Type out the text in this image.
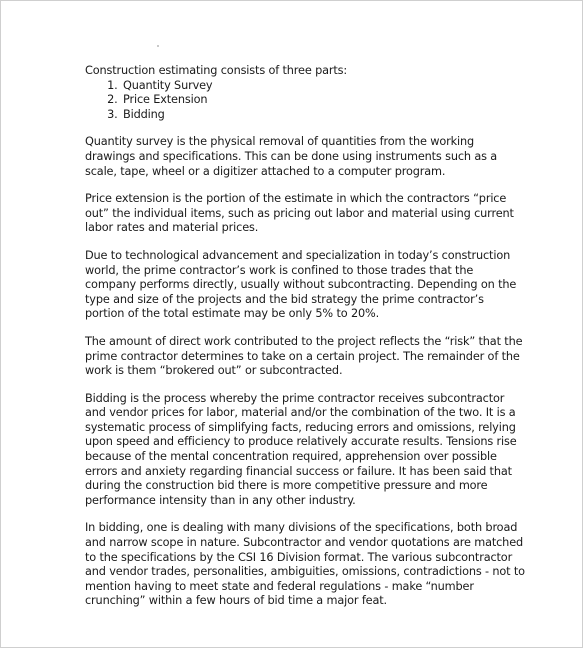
Construction estimating consists of three parts:
1. Quantity Survey
2. Price Extension
3. Bidding

Quantity survey is the physical removal of quantities from the working drawings and specifications. This can be done using instruments such as a scale, tape, wheel or a digitizer attached to a computer program.

Price extension is the portion of the estimate in which the contractors “price out” the individual items, such as pricing out labor and material using current labor rates and material prices.

Due to technological advancement and specialization in today’s construction world, the prime contractor’s work is confined to those trades that the company performs directly, usually without subcontracting. Depending on the type and size of the projects and the bid strategy the prime contractor’s portion of the total estimate may be only 5% to 20%.

The amount of direct work contributed to the project reflects the “risk” that the prime contractor determines to take on a certain project. The remainder of the work is them “brokered out” or subcontracted.

Bidding is the process whereby the prime contractor receives subcontractor and vendor prices for labor, material and/or the combination of the two. It is a systematic process of simplifying facts, reducing errors and omissions, relying upon speed and efficiency to produce relatively accurate results. Tensions rise because of the mental concentration required, apprehension over possible errors and anxiety regarding financial success or failure. It has been said that during the construction bid there is more competitive pressure and more performance intensity than in any other industry.

In bidding, one is dealing with many divisions of the specifications, both broad and narrow scope in nature. Subcontractor and vendor quotations are matched to the specifications by the CSI 16 Division format. The various subcontractor and vendor trades, personalities, ambiguities, omissions, contradictions - not to mention having to meet state and federal regulations - make “number crunching” within a few hours of bid time a major feat.
